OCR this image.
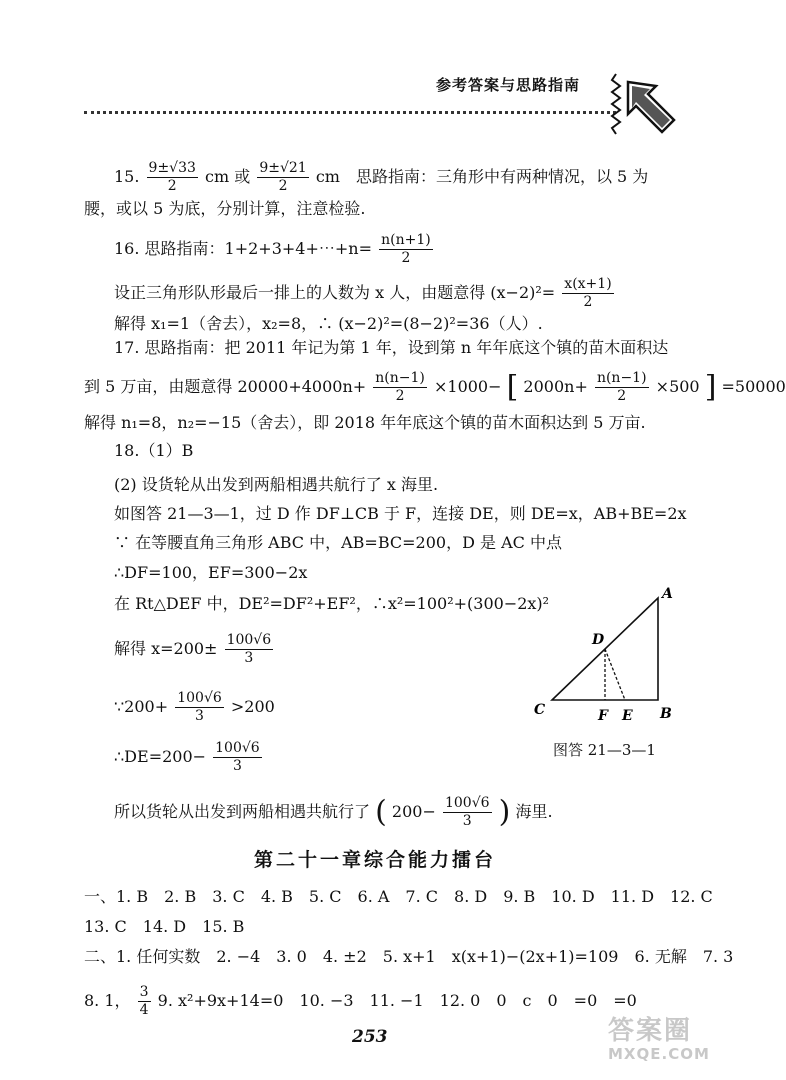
参考答案与思路指南
15. $\frac{9\pm√33}{2}$ cm 或 $\frac{9\pm√21}{2}$ cm　思路指南：三角形中有两种情况，以 5 为
腰，或以 5 为底，分别计算，注意检验.
16. 思路指南：1+2+3+4+⋯+n= $\frac{n(n+1)}{2}$
设正三角形队形最后一排上的人数为 x 人，由题意得 $(x-2)^2= \frac{x(x+1)}{2}$
解得 x₁=1（舍去），x₂=8，∴ (x−2)²=(8−2)²=36（人）.
17. 思路指南：把 2011 年记为第 1 年，设到第 n 年年底这个镇的苗木面积达
到 5 万亩，由题意得 $20000+4000n+ \frac{n(n-1)}{2} \times 1000-$ [ $2000n+ \frac{n(n-1)}{2} \times 500$ ] =50000
解得 n₁=8，n₂=−15（舍去），即 2018 年年底这个镇的苗木面积达到 5 万亩.
18.（1）B
(2) 设货轮从出发到两船相遇共航行了 x 海里.
如图答 21—3—1，过 D 作 DF⊥CB 于 F，连接 DE，则 DE=x，AB+BE=2x
∵ 在等腰直角三角形 ABC 中，AB=BC=200，D 是 AC 中点
∴DF=100，EF=300−2x
在 Rt△DEF 中，DE²=DF²+EF²，∴x²=100²+(300−2x)²
解得 $x=200\pm \frac{100√6}{3}$
∵200+ $\frac{100√6}{3} >200$
∴DE=200− $\frac{100√6}{3}$
所以货轮从出发到两船相遇共航行了 ( $200- \frac{100√6}{3}$ ) 海里.
A
B
C
D
F E
图答 21—3—1
第二十一章综合能力擂台
一、1. B　2. B　3. C　4. B　5. C　6. A　7. C　8. D　9. B　10. D　11. D　12. C
13. C　14. D　15. B
二、1. 任何实数　2. −4　3. 0　4. ±2　5. x+1　x(x+1)−(2x+1)=109　6. 无解　7. 3
8. 1， $\frac{3}{4} 9$. x²+9x+14=0　10. −3　11. −1　12. 0　0　c　0　=0　=0
253	答案圈
MXQE.COM
